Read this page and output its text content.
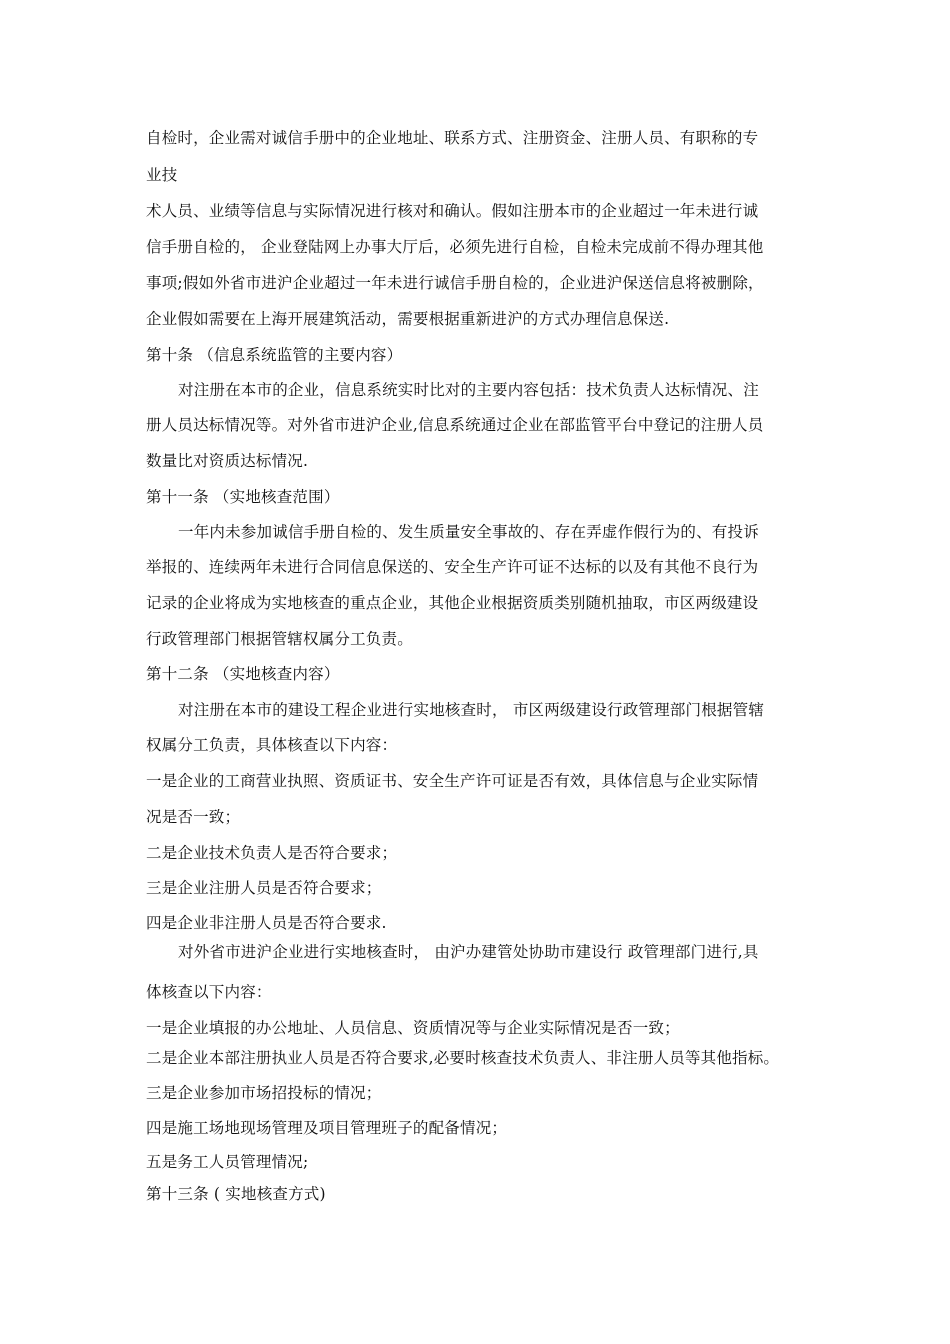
自检时，企业需对诚信手册中的企业地址、联系方式、注册资金、注册人员、有职称的专
业技
术人员、业绩等信息与实际情况进行核对和确认。假如注册本市的企业超过一年未进行诚
信手册自检的， 企业登陆网上办事大厅后，必须先进行自检，自检未完成前不得办理其他
事项;假如外省市进沪企业超过一年未进行诚信手册自检的，企业进沪保送信息将被删除，
企业假如需要在上海开展建筑活动，需要根据重新进沪的方式办理信息保送.
第十条 （信息系统监管的主要内容）
对注册在本市的企业，信息系统实时比对的主要内容包括：技术负责人达标情况、注
册人员达标情况等。对外省市进沪企业,信息系统通过企业在部监管平台中登记的注册人员
数量比对资质达标情况.
第十一条 （实地核查范围）
一年内未参加诚信手册自检的、发生质量安全事故的、存在弄虚作假行为的、有投诉
举报的、连续两年未进行合同信息保送的、安全生产许可证不达标的以及有其他不良行为
记录的企业将成为实地核查的重点企业，其他企业根据资质类别随机抽取，市区两级建设
行政管理部门根据管辖权属分工负责。
第十二条 （实地核查内容）
对注册在本市的建设工程企业进行实地核查时， 市区两级建设行政管理部门根据管辖
权属分工负责，具体核查以下内容：
一是企业的工商营业执照、资质证书、安全生产许可证是否有效，具体信息与企业实际情
况是否一致；
二是企业技术负责人是否符合要求；
三是企业注册人员是否符合要求；
四是企业非注册人员是否符合要求.
对外省市进沪企业进行实地核查时， 由沪办建管处协助市建设行 政管理部门进行,具
体核查以下内容：
一是企业填报的办公地址、人员信息、资质情况等与企业实际情况是否一致；
二是企业本部注册执业人员是否符合要求,必要时核查技术负责人、非注册人员等其他指标。
三是企业参加市场招投标的情况；
四是施工场地现场管理及项目管理班子的配备情况；
五是务工人员管理情况;
第十三条 ( 实地核查方式)
